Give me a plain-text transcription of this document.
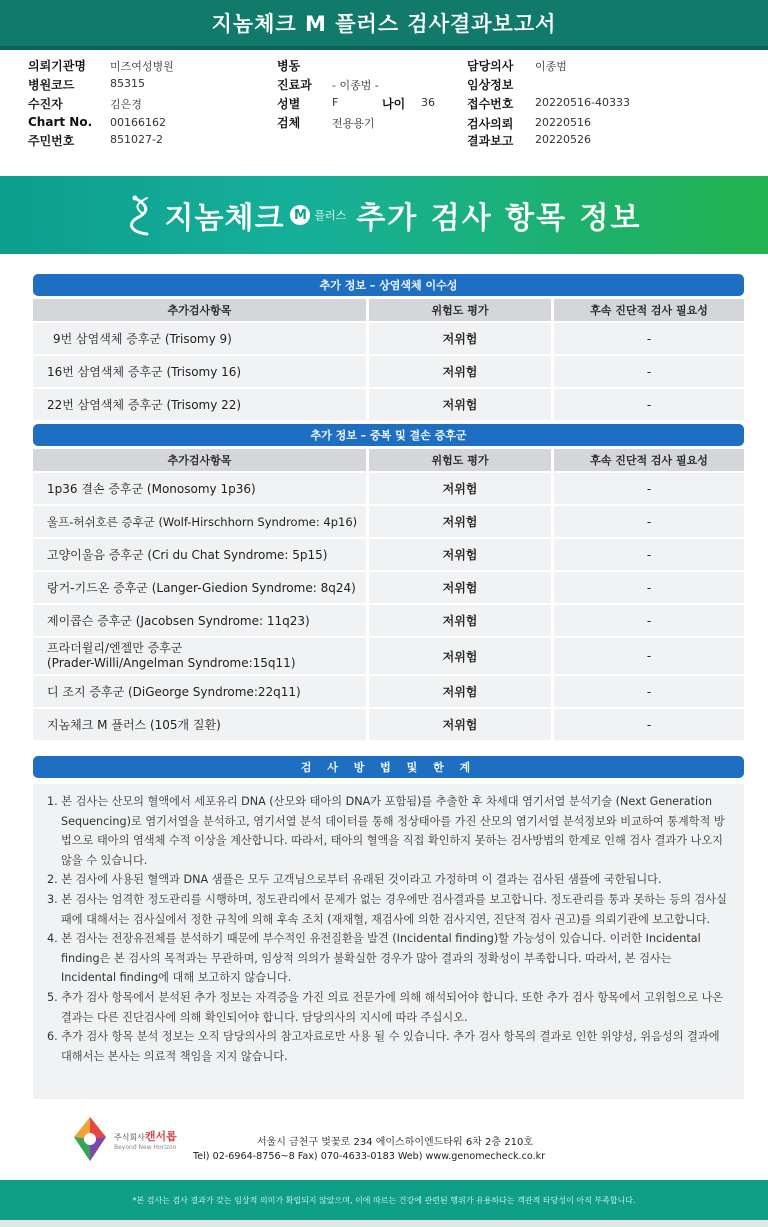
지놈체크 M 플러스 검사결과보고서
의뢰기관명 미즈여성병원
병원코드	85315
수진자	김은경
Chart No. 00166162
주민번호	851027-2
병동
진료과 - 이종범 -
성별	F	나이 36
검체	전용용기
담당의사 이종범
임상정보
접수번호 20220516-40333
검사의뢰 20220516
결과보고 20220526
지놈체크 M 플러스 추가 검사 항목 정보
추가 정보 – 상염색체 이수성
추가검사항목	위험도 평가	후속 진단적 검사 필요성
9번 삼염색체 증후군 (Trisomy 9)	저위험	-
16번 삼염색체 증후군 (Trisomy 16)	저위험	-
22번 삼염색체 증후군 (Trisomy 22)	저위험	-
추가 정보 – 중복 및 결손 증후군
추가검사항목	위험도 평가	후속 진단적 검사 필요성
1p36 결손 증후군 (Monosomy 1p36)	저위험	-
울프-허쉬호른 증후군 (Wolf-Hirschhorn Syndrome: 4p16)	저위험	-
고양이울음 증후군 (Cri du Chat Syndrome: 5p15)	저위험	-
랑거-기드온 증후군 (Langer-Giedion Syndrome: 8q24)	저위험	-
제이콥슨 증후군 (Jacobsen Syndrome: 11q23)	저위험	-

프라더윌리/엔젤만 증후군
(Prader-Willi/Angelman Syndrome:15q11)	저위험	-
디 조지 증후군 (DiGeorge Syndrome:22q11)	저위험	-
지놈체크 M 플러스 (105개 질환)	저위험	-
검 사 방 법 및 한 계
1. 본 검사는 산모의 혈액에서 세포유리 DNA (산모와 태아의 DNA가 포함됨)를 추출한 후 차세대 염기서열 분석기술 (Next Generation Sequencing)로 염기서열을 분석하고, 염기서열 분석 데이터를 통해 정상태아를 가진 산모의 염기서열 분석정보와 비교하여 통계학적 방법으로 태아의 염색체 수적 이상을 계산합니다. 따라서, 태아의 혈액을 직접 확인하지 못하는 검사방법의 한계로 인해 검사 결과가 나오지 않을 수 있습니다.
2. 본 검사에 사용된 혈액과 DNA 샘플은 모두 고객님으로부터 유래된 것이라고 가정하며 이 결과는 검사된 샘플에 국한됩니다.
3. 본 검사는 엄격한 정도관리를 시행하며, 정도관리에서 문제가 없는 경우에만 검사결과를 보고합니다. 정도관리를 통과 못하는 등의 검사실패에 대해서는 검사실에서 정한 규칙에 의해 후속 조치 (재채혈, 재검사에 의한 검사지연, 진단적 검사 권고)를 의뢰기관에 보고합니다.
4. 본 검사는 전장유전체를 분석하기 때문에 부수적인 유전질환을 발견 (Incidental finding)할 가능성이 있습니다. 이러한 Incidental finding은 본 검사의 목적과는 무관하며, 임상적 의의가 불확실한 경우가 많아 결과의 정확성이 부족합니다. 따라서, 본 검사는 Incidental finding에 대해 보고하지 않습니다.
5. 추가 검사 항목에서 분석된 추가 정보는 자격증을 가진 의료 전문가에 의해 해석되어야 합니다. 또한 추가 검사 항목에서 고위험으로 나온 결과는 다른 진단검사에 의해 확인되어야 합니다. 담당의사의 지시에 따라 주십시오.
6. 추가 검사 항목 분석 정보는 오직 담당의사의 참고자료로만 사용 될 수 있습니다. 추가 검사 항목의 결과로 인한 위양성, 위음성의 결과에 대해서는 본사는 의료적 책임을 지지 않습니다.
주식회사캔서롭
Beyond New Horizon	서울시 금천구 벚꽃로 234 에이스하이엔드타워 6차 2층 210호
Tel) 02-6964-8756~8 Fax) 070-4633-0183 Web) www.genomecheck.co.kr
*본 검사는 검사 결과가 갖는 임상적 의미가 확립되지 않았으며, 이에 따르는 건강에 관련된 행위가 유용하다는 객관적 타당성이 아직 부족합니다.
